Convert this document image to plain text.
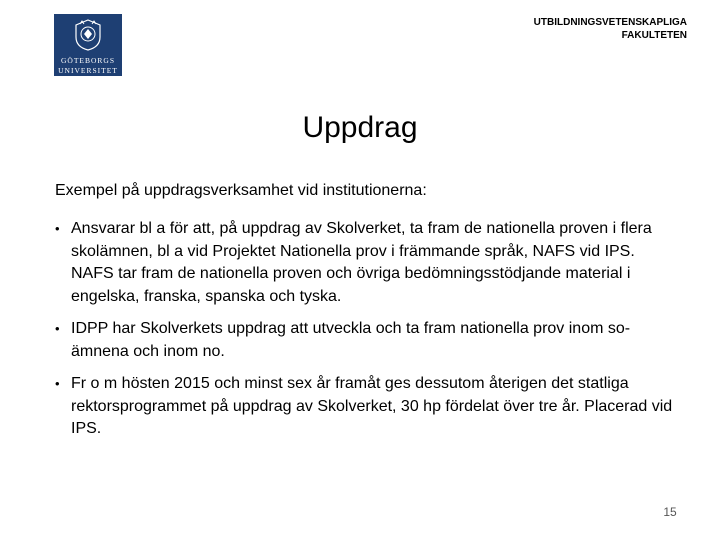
GÖTEBORGS
UNIVERSITET
UTBILDNINGSVETENSKAPLIGA
FAKULTETEN
Uppdrag
Exempel på uppdragsverksamhet vid institutionerna:
• Ansvarar bl a för att, på uppdrag av Skolverket, ta fram de nationella proven i flera skolämnen, bl a vid Projektet Nationella prov i främmande språk, NAFS vid IPS. NAFS tar fram de nationella proven och övriga bedömningsstödjande material i engelska, franska, spanska och tyska.
• IDPP har Skolverkets uppdrag att utveckla och ta fram nationella prov inom so-ämnena och inom no.
• Fr o m hösten 2015 och minst sex år framåt ges dessutom återigen det statliga rektorsprogrammet på uppdrag av Skolverket, 30 hp fördelat över tre år. Placerad vid IPS.
15
